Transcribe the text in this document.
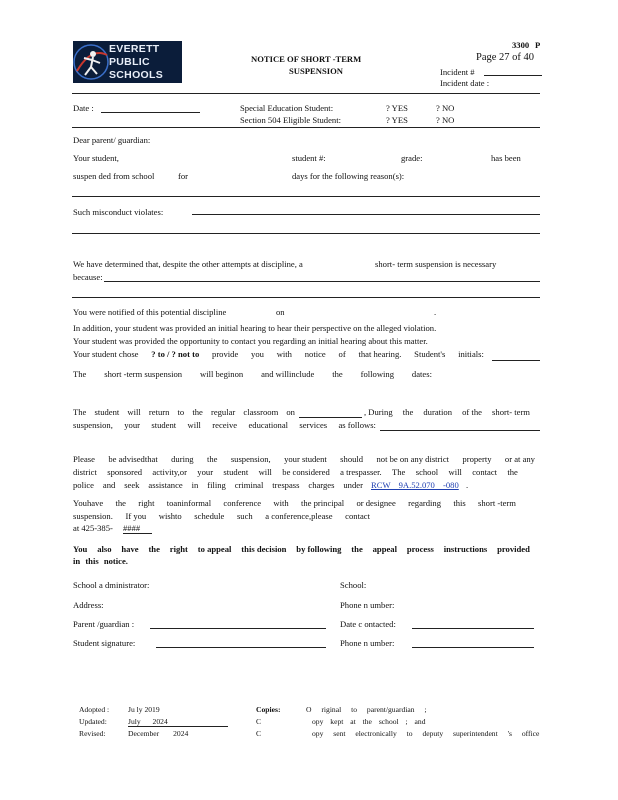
EVERETT
PUBLIC
SCHOOLS
3300 P
Page 27 of 40
NOTICE OF SHORT -TERM
SUSPENSION	Incident #
Incident date :
Date :	Special Education Student:	? YES	? NO
Section 504 Eligible Student:	? YES	? NO
Dear parent/ guardian:
Your student,	student #:	grade:	has been
suspen ded from school	for	days for the following reason(s):
Such misconduct violates:
We have determined that, despite the other attempts at discipline, a	short- term suspension is necessary
because:
You were notified of this potential discipline	on	.
In addition, your student was provided an initial hearing to hear their perspective on the alleged violation.
Your student was provided the opportunity to contact you regarding an initial hearing about this matter.
Your student chose ? to / ? not to provide you with notice of that hearing. Student's initials:
The short -term suspension will beginon and willinclude the following dates:
The student will return to the regular classroom on	, During the duration of the short- term
suspension, your student will receive educational services as follows:
Please be advisedthat during the suspension, your student should not be on any district property or at any
district sponsored activity,or your student will be considered a trespasser. The school will contact the
police and seek assistance in filing criminal trespass charges under RCW 9A.52.070 -080 .
Youhave the right toaninformal conference with the principal or designee regarding this short -term
suspension. If you wishto schedule such a conference,please contact
at 425-385- ####
You also have the right to appeal this decision by following the appeal process instructions provided
in this notice.
School a dministrator:	School:
Address:	Phone n umber:
Parent /guardian :	Date c ontacted:
Student signature:	Phone n umber:
Adopted : Ju ly 2019
Updated:	July 2024
Revised:	December 2024
Copies:	O riginal to parent/guardian ;
C	opy kept at the school ; and
C	opy sent electronically to deputy superintendent 's office
